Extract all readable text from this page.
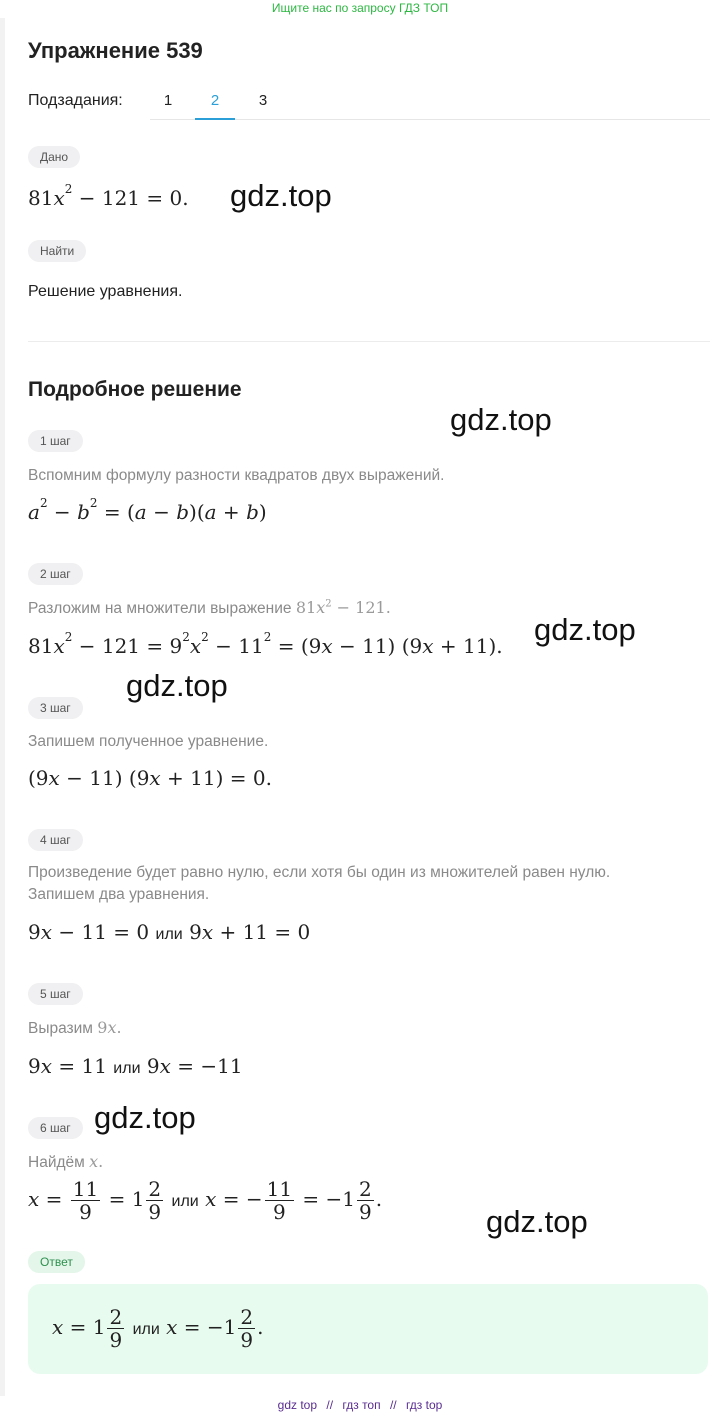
Ищите нас по запросу ГДЗ ТОП
Упражнение 539
Подзадания:	1	2	3
Дано
$81x^2 - 121 = 0$.
Найти
Решение уравнения.
Подробное решение
1 шаг
Вспомним формулу разности квадратов двух выражений.
$a^2 - b^2 = (a - b)(a + b)$
2 шаг
Разложим на множители выражение $81x^2 - 121$.
$81x^2 - 121 = 9^2x^2 - 11^2 = (9x - 11) (9x + 11)$.
3 шаг
Запишем полученное уравнение.
(9x − 11) (9x + 11) = 0.
4 шаг
Произведение будет равно нулю, если хотя бы один из множителей равен нулю.
Запишем два уравнения.
9x − 11 = 0 или 9x + 11 = 0
5 шаг
Выразим 9x.
9x = 11 или 9x = −11
6 шаг
Найдём x.
$x = \frac{11}{9} = 1 \frac{2}{9}$ или x = − $\frac{11}{9} = -1 \frac{2}{9}$ .
Ответ
$x = 1 \frac{2}{9}$ или $x = -1 \frac{2}{9}$ .
gdz.top
gdz.top
gdz.top
gdz.top
gdz.top
gdz.top
gdz top // гдз топ // гдз top
